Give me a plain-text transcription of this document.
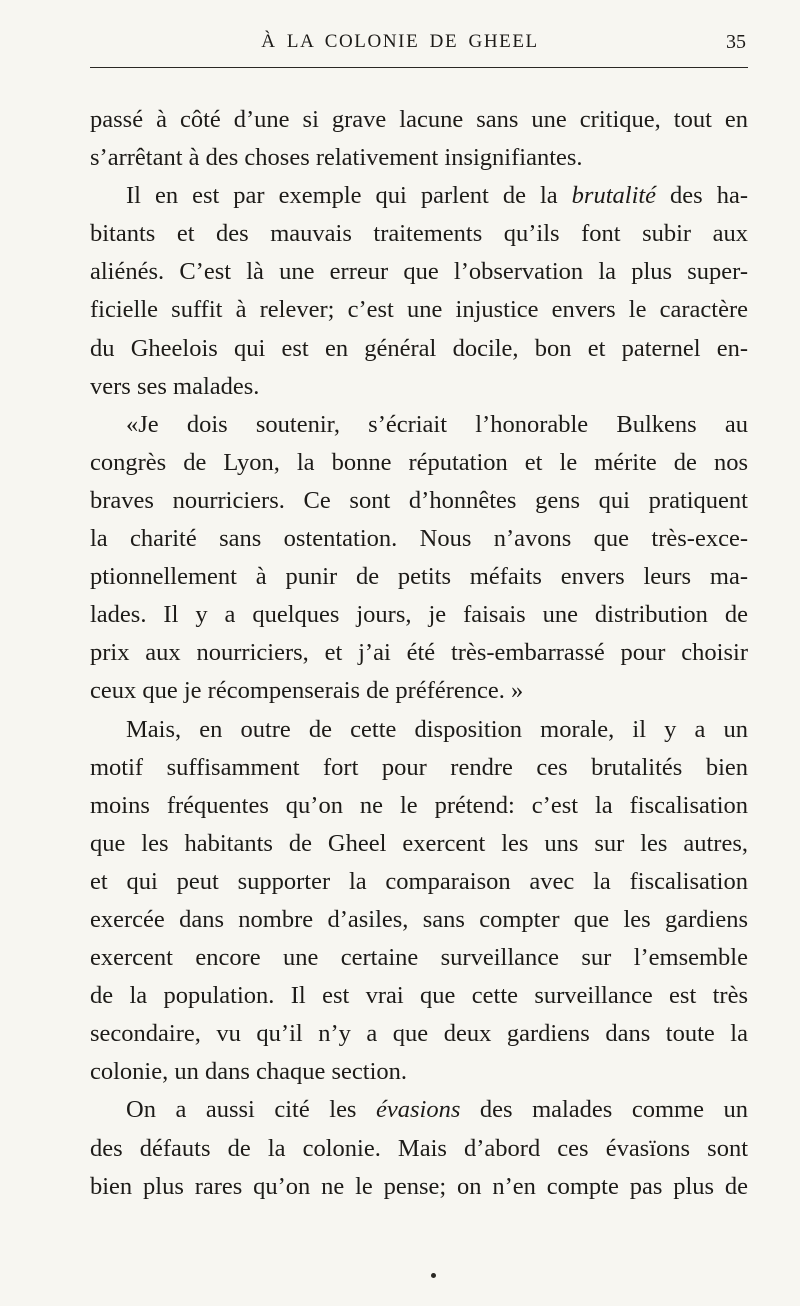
À LA COLONIE DE GHEEL	35

passé à côté d’une si grave lacune sans une critique, tout en
s’arrêtant à des choses relativement insignifiantes.

Il en est par exemple qui parlent de la brutalité des ha-
bitants et des mauvais traitements qu’ils font subir aux
aliénés. C’est là une erreur que l’observation la plus super-
ficielle suffit à relever; c’est une injustice envers le caractère
du Gheelois qui est en général docile, bon et paternel en-
vers ses malades.

«Je dois soutenir, s’écriait l’honorable Bulkens au
congrès de Lyon, la bonne réputation et le mérite de nos
braves nourriciers. Ce sont d’honnêtes gens qui pratiquent
la charité sans ostentation. Nous n’avons que très-exce-
ptionnellement à punir de petits méfaits envers leurs ma-
lades. Il y a quelques jours, je faisais une distribution de
prix aux nourriciers, et j’ai été très-embarrassé pour choisir
ceux que je récompenserais de préférence. »

Mais, en outre de cette disposition morale, il y a un
motif suffisamment fort pour rendre ces brutalités bien
moins fréquentes qu’on ne le prétend: c’est la fiscalisation
que les habitants de Gheel exercent les uns sur les autres,
et qui peut supporter la comparaison avec la fiscalisation
exercée dans nombre d’asiles, sans compter que les gardiens
exercent encore une certaine surveillance sur l’emsemble
de la population. Il est vrai que cette surveillance est très
secondaire, vu qu’il n’y a que deux gardiens dans toute la
colonie, un dans chaque section.

On a aussi cité les évasions des malades comme un
des défauts de la colonie. Mais d’abord ces évasïons sont
bien plus rares qu’on ne le pense; on n’en compte pas plus de
